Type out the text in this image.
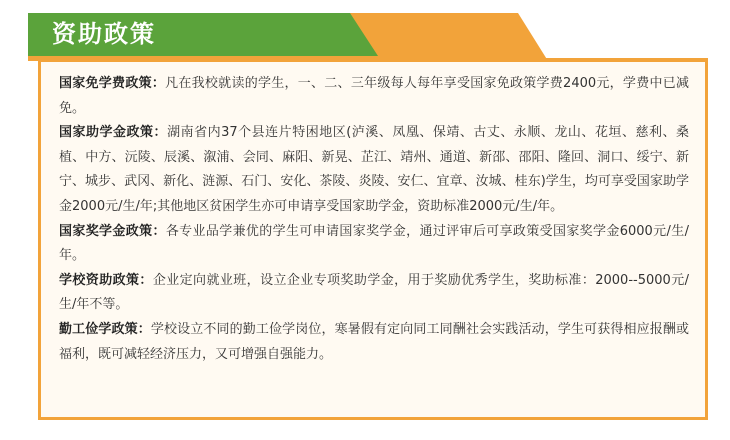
资助政策

国家免学费政策：凡在我校就读的学生，一、二、三年级每人每年享受国家免政策学费2400元，学费中已减免。

国家助学金政策：湖南省内37个县连片特困地区(泸溪、凤凰、保靖、古丈、永顺、龙山、花垣、慈利、桑植、中方、沅陵、辰溪、溆浦、会同、麻阳、新晃、芷江、靖州、通道、新邵、邵阳、隆回、洞口、绥宁、新宁、城步、武冈、新化、涟源、石门、安化、茶陵、炎陵、安仁、宜章、汝城、桂东)学生，均可享受国家助学金2000元/生/年;其他地区贫困学生亦可申请享受国家助学金，资助标准2000元/生/年。

国家奖学金政策：各专业品学兼优的学生可申请国家奖学金，通过评审后可享政策受国家奖学金6000元/生/年。

学校资助政策：企业定向就业班，设立企业专项奖助学金，用于奖励优秀学生，奖助标准：2000--5000元/生/年不等。

勤工俭学政策：学校设立不同的勤工俭学岗位，寒暑假有定向同工同酬社会实践活动，学生可获得相应报酬或福利，既可减轻经济压力，又可增强自强能力。
